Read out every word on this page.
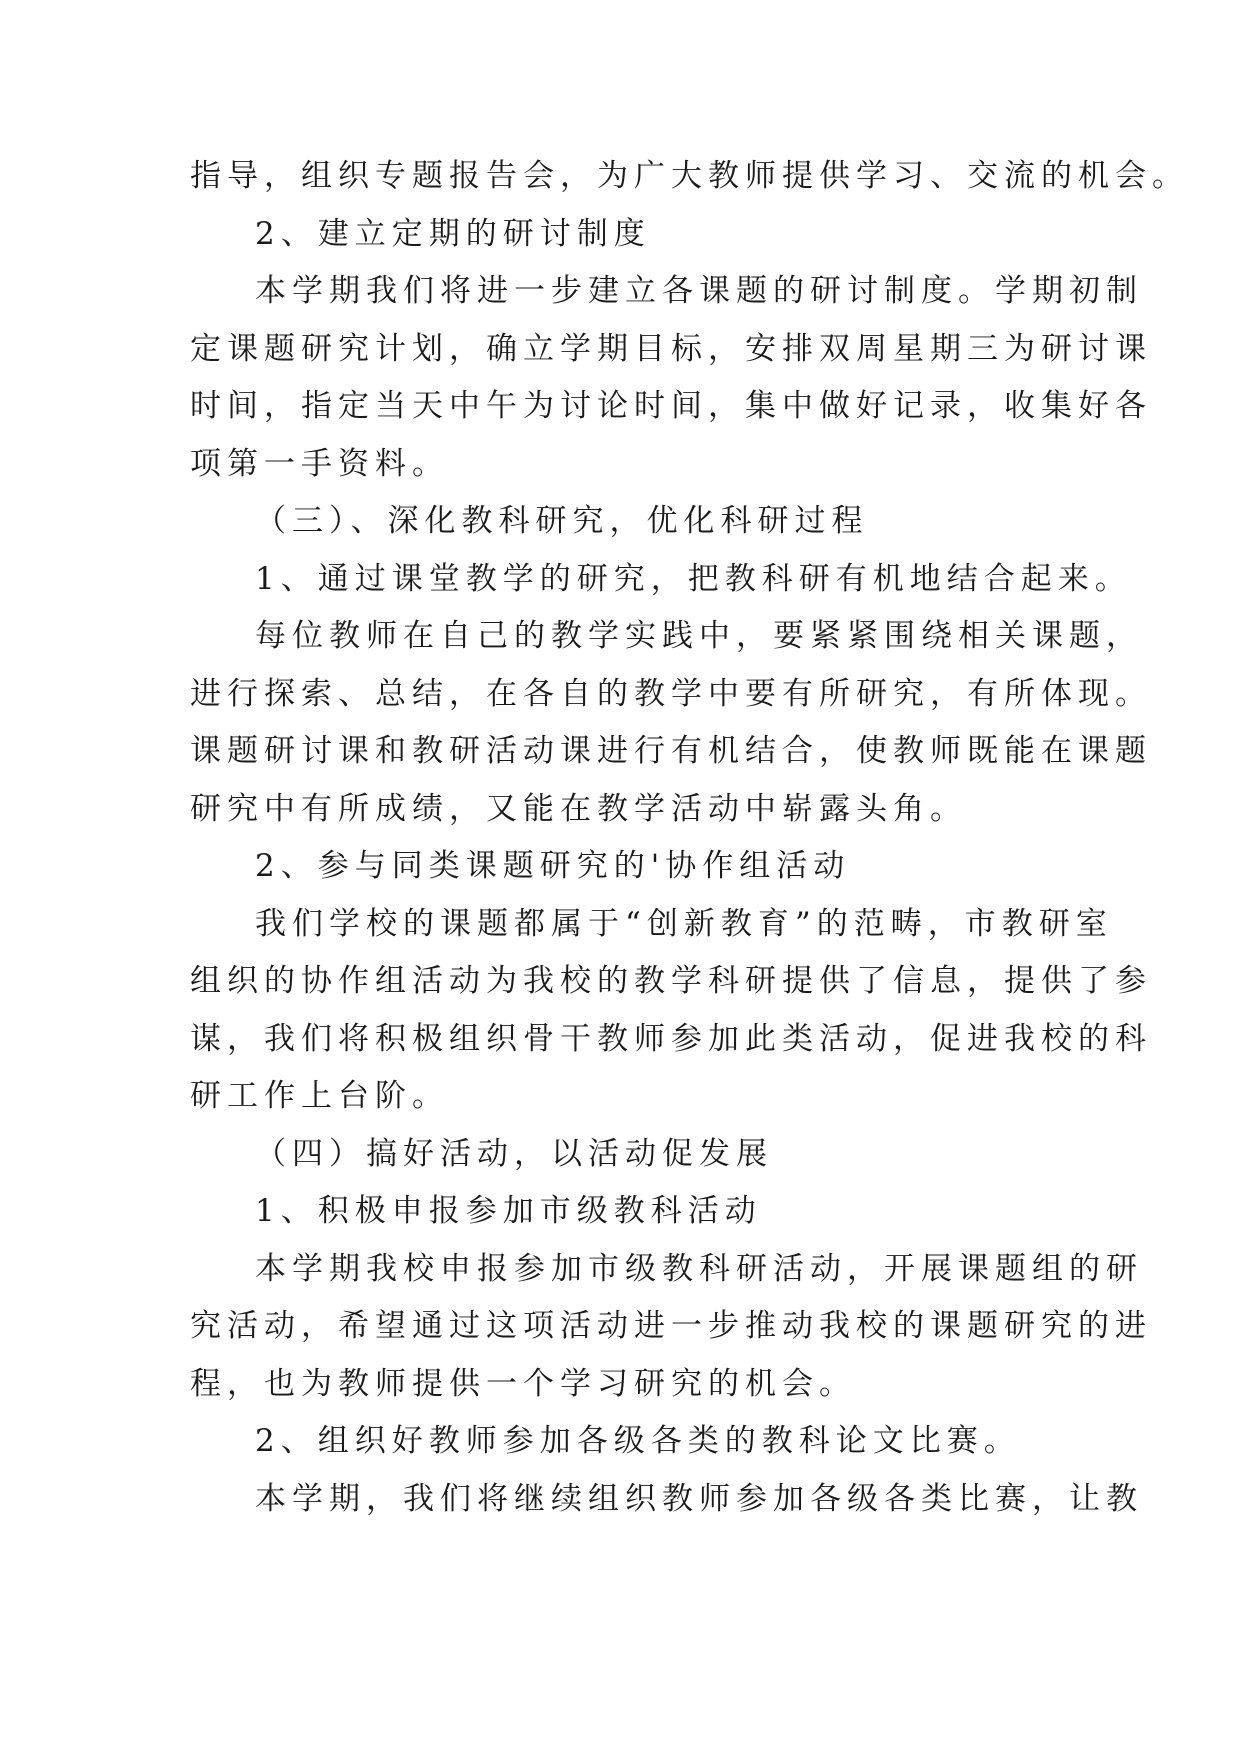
指导，组织专题报告会，为广大教师提供学习、交流的机会。
2、建立定期的研讨制度
本学期我们将进一步建立各课题的研讨制度。学期初制
定课题研究计划，确立学期目标，安排双周星期三为研讨课
时间，指定当天中午为讨论时间，集中做好记录，收集好各
项第一手资料。
（三）、深化教科研究，优化科研过程
1、通过课堂教学的研究，把教科研有机地结合起来。
每位教师在自己的教学实践中，要紧紧围绕相关课题，
进行探索、总结，在各自的教学中要有所研究，有所体现。
课题研讨课和教研活动课进行有机结合，使教师既能在课题
研究中有所成绩，又能在教学活动中崭露头角。
2、参与同类课题研究的'协作组活动
我们学校的课题都属于“创新教育”的范畴，市教研室
组织的协作组活动为我校的教学科研提供了信息，提供了参
谋，我们将积极组织骨干教师参加此类活动，促进我校的科
研工作上台阶。
（四）搞好活动，以活动促发展
1、积极申报参加市级教科活动
本学期我校申报参加市级教科研活动，开展课题组的研
究活动，希望通过这项活动进一步推动我校的课题研究的进
程，也为教师提供一个学习研究的机会。
2、组织好教师参加各级各类的教科论文比赛。
本学期，我们将继续组织教师参加各级各类比赛，让教
